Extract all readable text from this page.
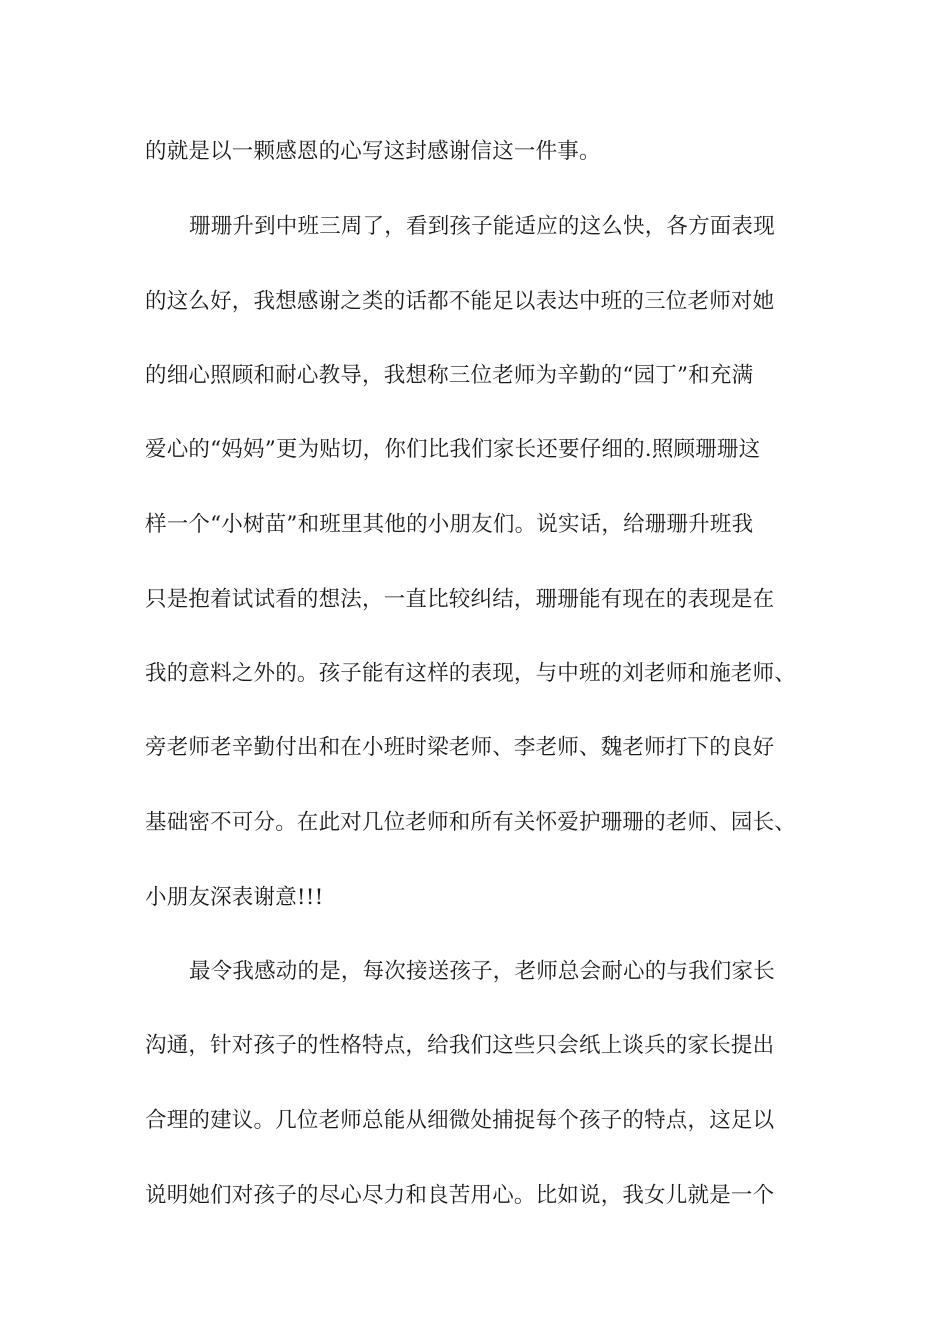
的就是以一颗感恩的心写这封感谢信这一件事。
珊珊升到中班三周了，看到孩子能适应的这么快，各方面表现
的这么好，我想感谢之类的话都不能足以表达中班的三位老师对她
的细心照顾和耐心教导，我想称三位老师为辛勤的“园丁”和充满
爱心的“妈妈”更为贴切，你们比我们家长还要仔细的.照顾珊珊这
样一个“小树苗”和班里其他的小朋友们。说实话，给珊珊升班我
只是抱着试试看的想法，一直比较纠结，珊珊能有现在的表现是在
我的意料之外的。孩子能有这样的表现，与中班的刘老师和施老师、
旁老师老辛勤付出和在小班时梁老师、李老师、魏老师打下的良好
基础密不可分。在此对几位老师和所有关怀爱护珊珊的老师、园长、
小朋友深表谢意!!!
最令我感动的是，每次接送孩子，老师总会耐心的与我们家长
沟通，针对孩子的性格特点，给我们这些只会纸上谈兵的家长提出
合理的建议。几位老师总能从细微处捕捉每个孩子的特点，这足以
说明她们对孩子的尽心尽力和良苦用心。比如说，我女儿就是一个
